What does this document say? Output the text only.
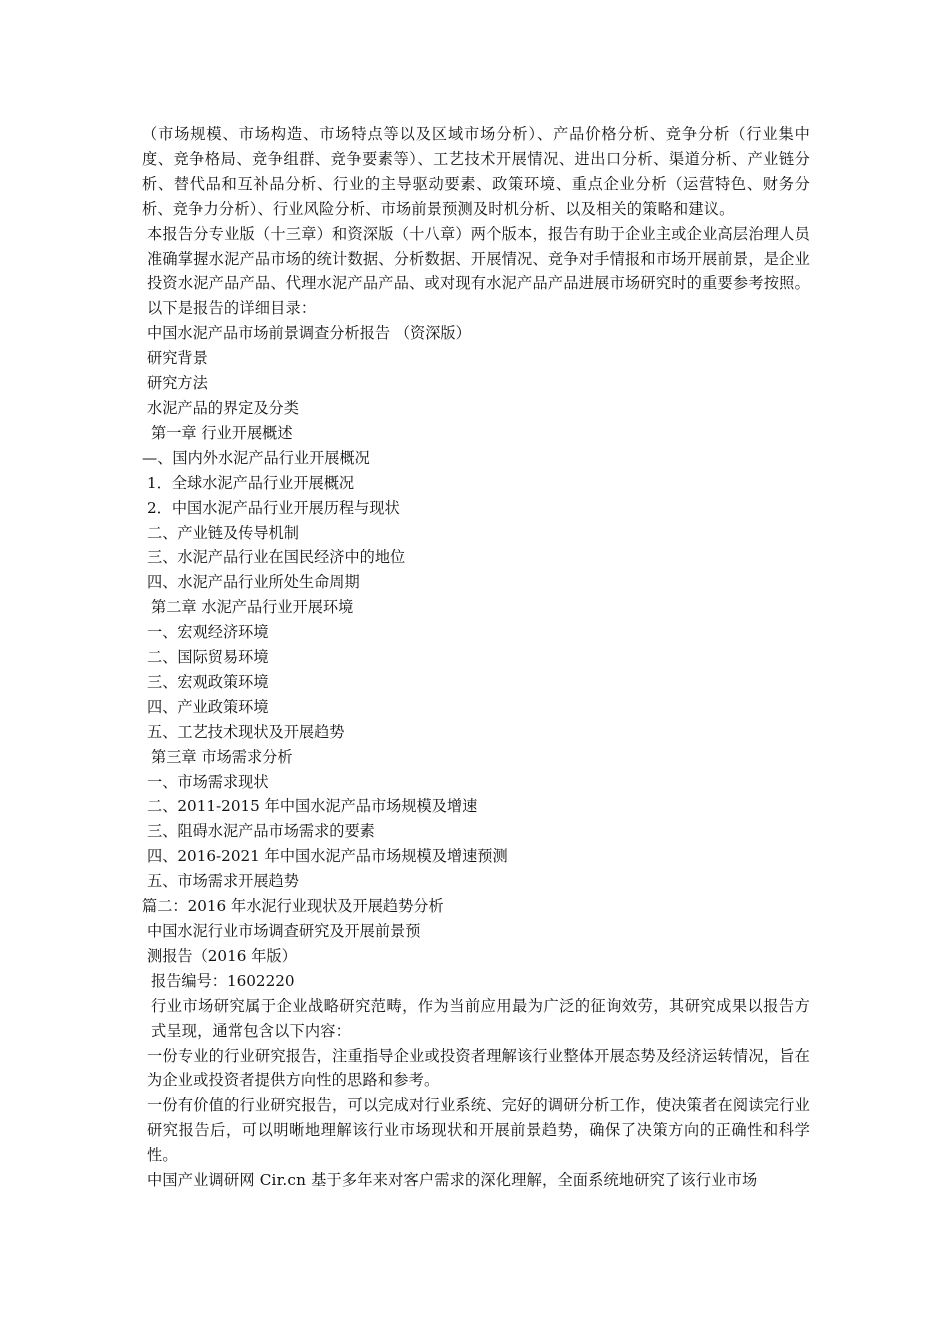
（市场规模、市场构造、市场特点等以及区域市场分析）、产品价格分析、竞争分析（行业集中度、竞争格局、竞争组群、竞争要素等）、工艺技术开展情况、进出口分析、渠道分析、产业链分析、替代品和互补品分析、行业的主导驱动要素、政策环境、重点企业分析（运营特色、财务分析、竞争力分析）、行业风险分析、市场前景预测及时机分析、以及相关的策略和建议。

本报告分专业版（十三章）和资深版（十八章）两个版本，报告有助于企业主或企业高层治理人员准确掌握水泥产品市场的统计数据、分析数据、开展情况、竞争对手情报和市场开展前景，是企业投资水泥产品产品、代理水泥产品产品、或对现有水泥产品产品进展市场研究时的重要参考按照。以下是报告的详细目录：

中国水泥产品市场前景调查分析报告 （资深版）
研究背景
研究方法
水泥产品的界定及分类
第一章 行业开展概述
—、国内外水泥产品行业开展概况
1．全球水泥产品行业开展概况
2．中国水泥产品行业开展历程与现状
二、产业链及传导机制
三、水泥产品行业在国民经济中的地位
四、水泥产品行业所处生命周期
第二章 水泥产品行业开展环境
一、宏观经济环境
二、国际贸易环境
三、宏观政策环境
四、产业政策环境
五、工艺技术现状及开展趋势
第三章 市场需求分析
一、市场需求现状
二、2011-2015 年中国水泥产品市场规模及增速
三、阻碍水泥产品市场需求的要素
四、2016-2021 年中国水泥产品市场规模及增速预测
五、市场需求开展趋势
篇二：2016 年水泥行业现状及开展趋势分析
中国水泥行业市场调查研究及开展前景预
测报告（2016 年版）
报告编号：1602220

行业市场研究属于企业战略研究范畴，作为当前应用最为广泛的征询效劳，其研究成果以报告方式呈现，通常包含以下内容：

一份专业的行业研究报告，注重指导企业或投资者理解该行业整体开展态势及经济运转情况，旨在为企业或投资者提供方向性的思路和参考。

一份有价值的行业研究报告，可以完成对行业系统、完好的调研分析工作，使决策者在阅读完行业研究报告后，可以明晰地理解该行业市场现状和开展前景趋势，确保了决策方向的正确性和科学性。

中国产业调研网 Cir.cn 基于多年来对客户需求的深化理解，全面系统地研究了该行业市场
